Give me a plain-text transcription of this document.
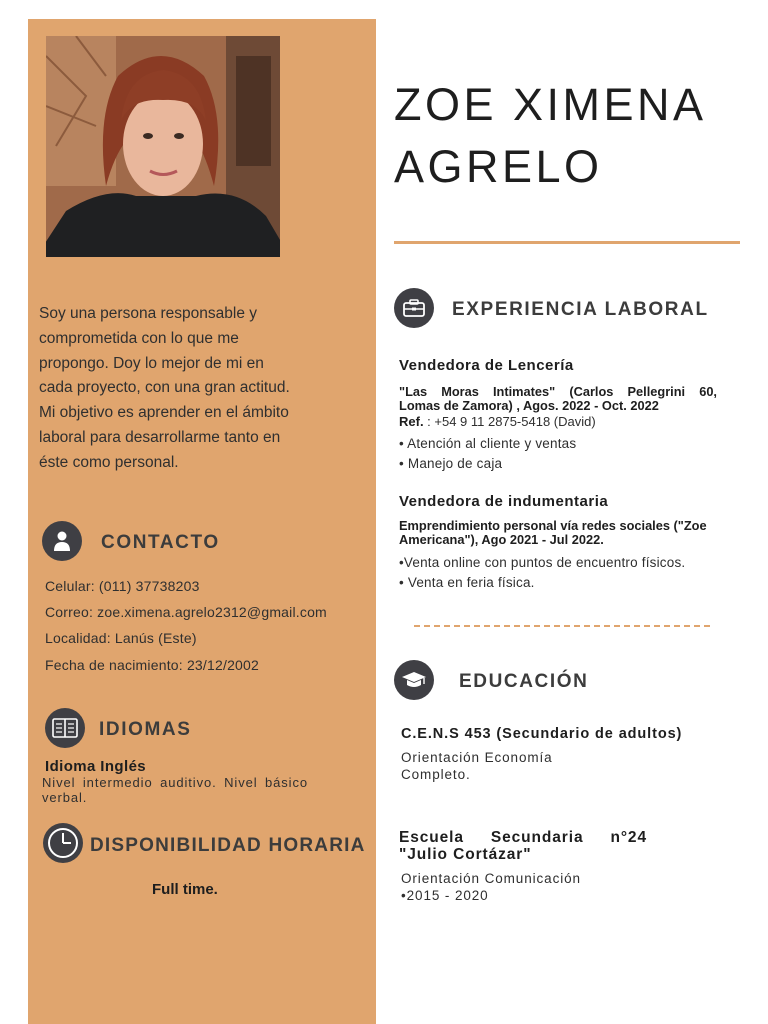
Soy una persona responsable y
comprometida con lo que me
propongo. Doy lo mejor de mi en
cada proyecto, con una gran actitud.
Mi objetivo es aprender en el ámbito
laboral para desarrollarme tanto en
éste como personal.
CONTACTO
Celular: (011) 37738203
Correo: zoe.ximena.agrelo2312@gmail.com
Localidad: Lanús (Este)
Fecha de nacimiento: 23/12/2002
IDIOMAS
Idioma Inglés
Nivel intermedio auditivo. Nivel básico
verbal.
DISPONIBILIDAD HORARIA
Full time.
ZOE XIMENA
AGRELO
EXPERIENCIA LABORAL
Vendedora de Lencería
"Las Moras Intimates" (Carlos Pellegrini 60,
Lomas de Zamora) , Agos. 2022 - Oct. 2022
Ref. : +54 9 11 2875-5418 (David)
• Atención al cliente y ventas
• Manejo de caja
Vendedora de indumentaria
Emprendimiento personal vía redes sociales ("Zoe
Americana"), Ago 2021 - Jul 2022.
•Venta online con puntos de encuentro físicos.
• Venta en feria física.
EDUCACIÓN
C.E.N.S 453 (Secundario de adultos)
Orientación Economía
Completo.
Escuela Secundaria n°24
"Julio Cortázar"
Orientación Comunicación
•2015 - 2020
